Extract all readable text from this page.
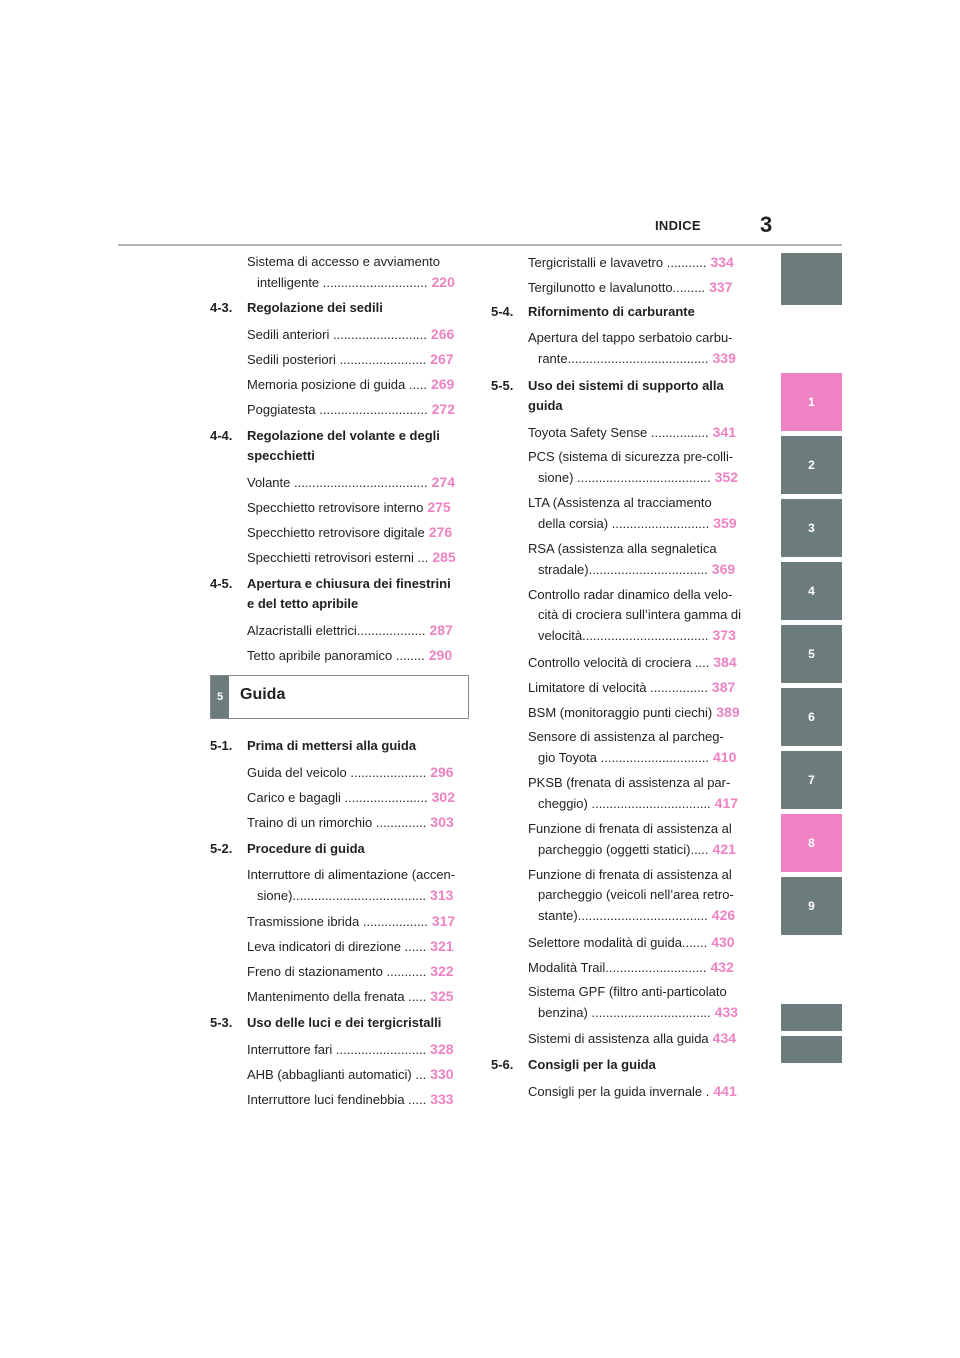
INDICE	3
Sistema di accesso e avviamento
intelligente ............................. 220
4-3. Regolazione dei sedili
Sedili anteriori .......................... 266
Sedili posteriori ........................ 267
Memoria posizione di guida ..... 269
Poggiatesta .............................. 272
4-4. Regolazione del volante e degli
specchietti
Volante ..................................... 274
Specchietto retrovisore interno 275
Specchietto retrovisore digitale 276
Specchietti retrovisori esterni ... 285
4-5. Apertura e chiusura dei finestrini
e del tetto apribile
Alzacristalli elettrici................... 287
Tetto apribile panoramico ........ 290
5-1. Prima di mettersi alla guida
Guida del veicolo ..................... 296
Carico e bagagli ....................... 302
Traino di un rimorchio .............. 303
5-2. Procedure di guida
Interruttore di alimentazione (accen-
sione)..................................... 313
Trasmissione ibrida .................. 317
Leva indicatori di direzione ...... 321
Freno di stazionamento ........... 322
Mantenimento della frenata ..... 325
5-3. Uso delle luci e dei tergicristalli
Interruttore fari ......................... 328
AHB (abbaglianti automatici) ... 330
Interruttore luci fendinebbia ..... 333
5	Guida
Tergicristalli e lavavetro ........... 334
Tergilunotto e lavalunotto......... 337
5-4. Rifornimento di carburante
Apertura del tappo serbatoio carbu-
rante....................................... 339
5-5. Uso dei sistemi di supporto alla
guida
Toyota Safety Sense ................ 341
PCS (sistema di sicurezza pre-colli-
sione) ..................................... 352
LTA (Assistenza al tracciamento
della corsia) ........................... 359
RSA (assistenza alla segnaletica
stradale)................................. 369
Controllo radar dinamico della velo-
cità di crociera sull’intera gamma di
velocità................................... 373
Controllo velocità di crociera .... 384
Limitatore di velocità ................ 387
BSM (monitoraggio punti ciechi) 389
Sensore di assistenza al parcheg-
gio Toyota .............................. 410
PKSB (frenata di assistenza al par-
cheggio) ................................. 417
Funzione di frenata di assistenza al
parcheggio (oggetti statici)..... 421
Funzione di frenata di assistenza al
parcheggio (veicoli nell’area retro-
stante).................................... 426
Selettore modalità di guida....... 430
Modalità Trail............................ 432
Sistema GPF (filtro anti-particolato
benzina) ................................. 433
Sistemi di assistenza alla guida 434
5-6. Consigli per la guida
Consigli per la guida invernale . 441
1
2
3
4
5
6
7
8
9
